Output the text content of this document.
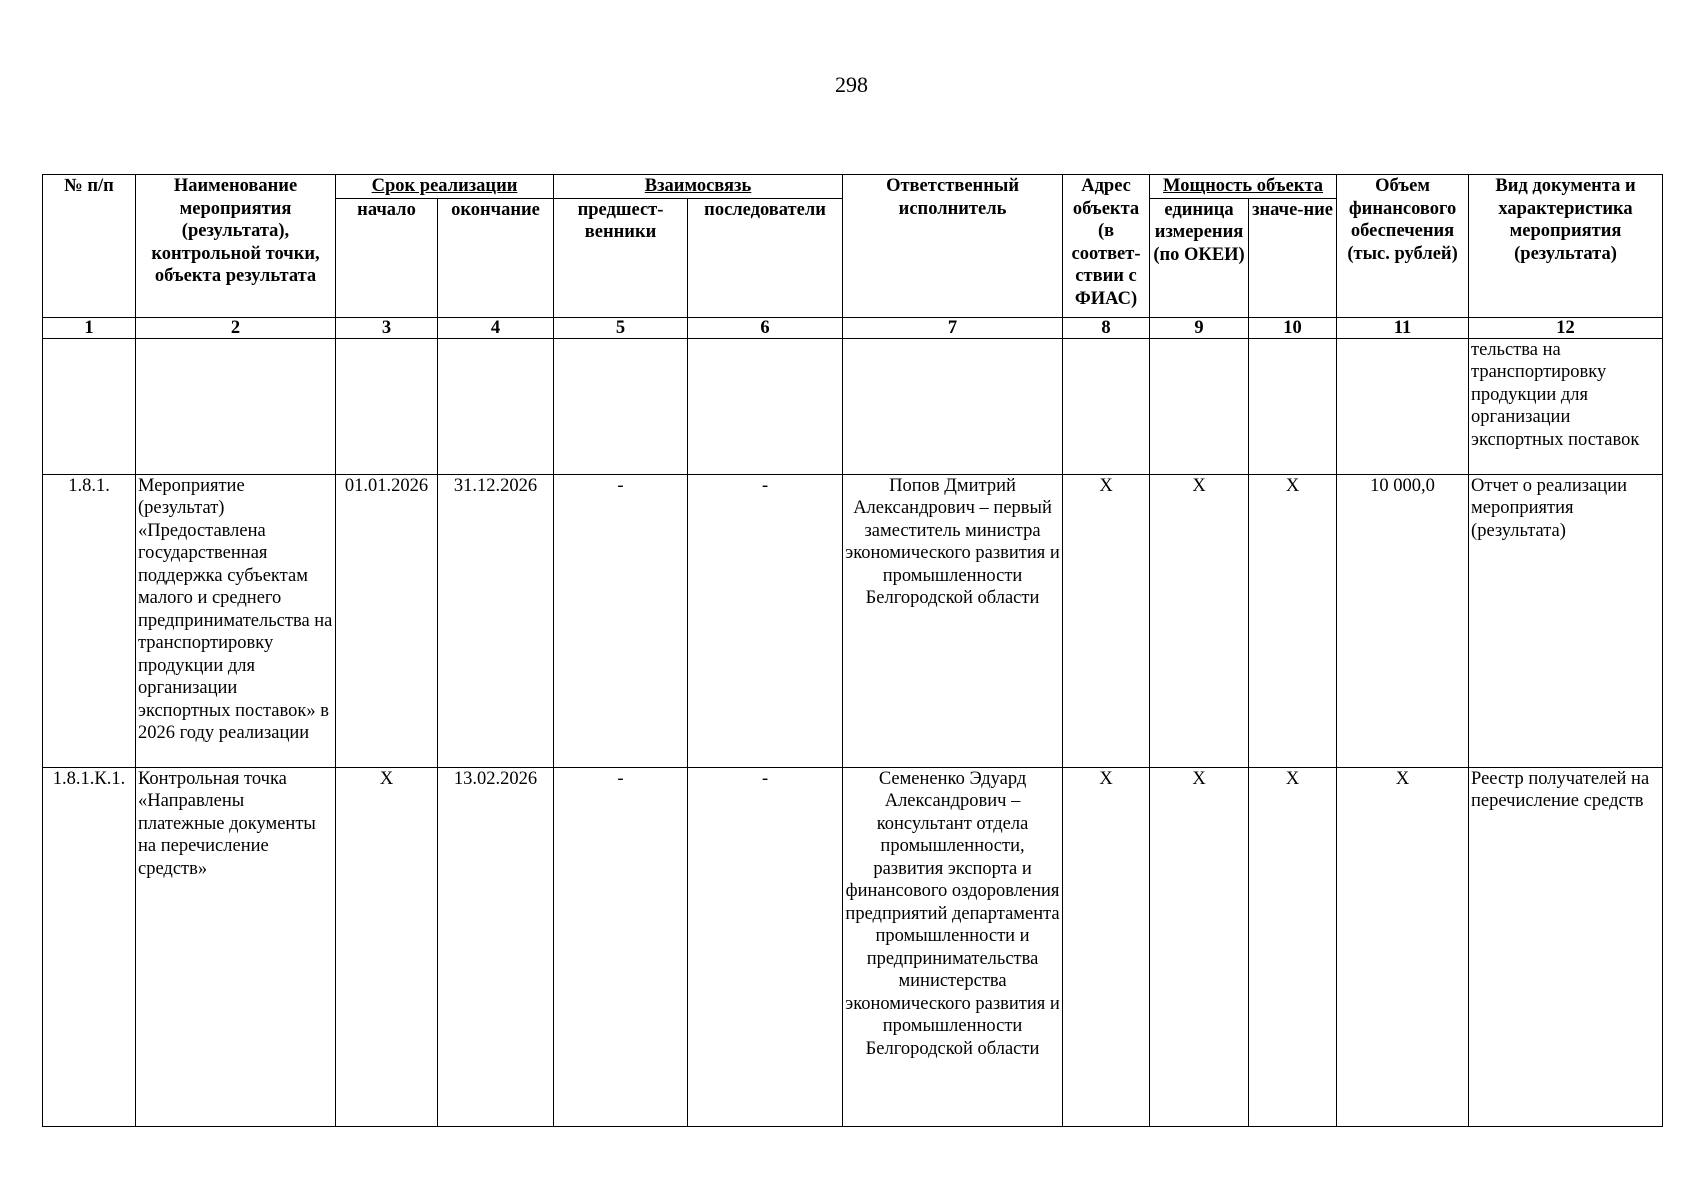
298
№ п/п	Наименование мероприятия (результата), контрольной точки, объекта результата	Срок реализации		Взаимосвязь		Ответственный исполнитель	Адрес объекта (в соответ-ствии с ФИАС)	Мощность объекта		Объем финансового обеспечения (тыс. рублей)	Вид документа и характеристика мероприятия (результата)
		начало	окончание	предшест-венники	последователи			единица измерения (по ОКЕИ)	значе-ние		
1	2	3	4	5	6	7	8	9	10	11	12
											тельства на транспортировку продукции для организации экспортных поставок
1.8.1.	Мероприятие (результат) «Предоставлена государственная поддержка субъектам малого и среднего предпринимательства на транспортировку продукции для организации экспортных поставок» в 2026 году реализации	01.01.2026	31.12.2026	-	-	Попов Дмитрий Александрович – первый заместитель министра экономического развития и промышленности Белгородской области	X	X	X	10 000,0	Отчет о реализации мероприятия (результата)
1.8.1.К.1.	Контрольная точка «Направлены платежные документы на перечисление средств»	X	13.02.2026	-	-	Семененко Эдуард Александрович – консультант отдела промышленности, развития экспорта и финансового оздоровления предприятий департамента промышленности и предпринимательства министерства экономического развития и промышленности Белгородской области	X	X	X	X	Реестр получателей на перечисление средств
